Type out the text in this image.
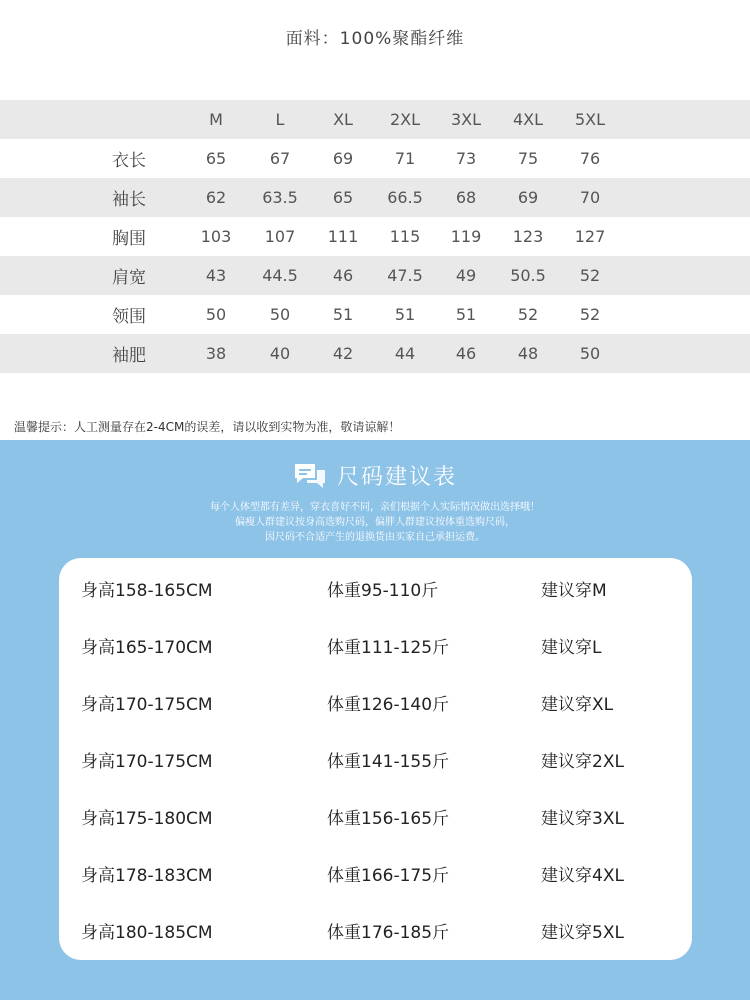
面料：100%聚酯纤维
M	L	XL	2XL	3XL	4XL	5XL
衣长	65	67	69	71	73	75	76
袖长	62	63.5	65	66.5	68	69	70
胸围	103	107	111	115	119	123	127
肩宽	43	44.5	46	47.5	49	50.5	52
领围	50	50	51	51	51	52	52
袖肥	38	40	42	44	46	48	50
温馨提示：人工测量存在2-4CM的误差，请以收到实物为准，敬请谅解！
尺码建议表
每个人体型都有差异，穿衣喜好不同，亲们根据个人实际情况做出选择哦！
偏瘦人群建议按身高选购尺码，偏胖人群建议按体重选购尺码，
因尺码不合适产生的退换货由买家自己承担运费。
身高158-165CM	体重95-110斤	建议穿M
身高165-170CM	体重111-125斤	建议穿L
身高170-175CM	体重126-140斤	建议穿XL
身高170-175CM	体重141-155斤	建议穿2XL
身高175-180CM	体重156-165斤	建议穿3XL
身高178-183CM	体重166-175斤	建议穿4XL
身高180-185CM	体重176-185斤	建议穿5XL
